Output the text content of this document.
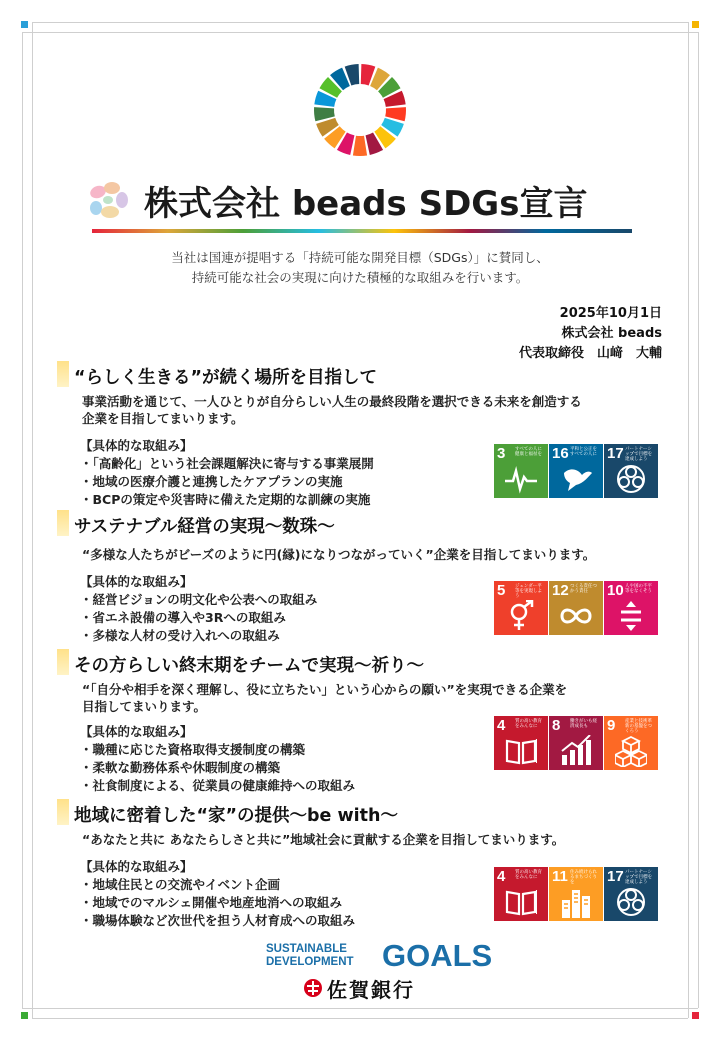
株式会社 beads SDGs宣言
当社は国連が提唱する「持続可能な開発目標（SDGs）」に賛同し、
持続可能な社会の実現に向けた積極的な取組みを行います。
2025年10月1日
株式会社 beads
代表取締役　山﨑　大輔
“らしく生きる”が続く場所を目指して
事業活動を通じて、一人ひとりが自分らしい人生の最終段階を選択できる未来を創造する
企業を目指してまいります。
【具体的な取組み】
・「高齢化」という社会課題解決に寄与する事業展開
・地域の医療介護と連携したケアプランの実施
・BCPの策定や災害時に備えた定期的な訓練の実施
サステナブル経営の実現～数珠～
“多様な人たちがビーズのように円(縁)になりつながっていく”企業を目指してまいります。
【具体的な取組み】
・経営ビジョンの明文化や公表への取組み
・省エネ設備の導入や3Rへの取組み
・多様な人材の受け入れへの取組み
その方らしい終末期をチームで実現～祈り～
“「自分や相手を深く理解し、役に立ちたい」という心からの願い”を実現できる企業を
目指してまいります。
【具体的な取組み】
・職種に応じた資格取得支援制度の構築
・柔軟な勤務体系や休暇制度の構築
・社食制度による、従業員の健康維持への取組み
地域に密着した“家”の提供～be with～
“あなたと共に あなたらしさと共に”地域社会に貢献する企業を目指してまいります。
【具体的な取組み】
・地域住民との交流やイベント企画
・地域でのマルシェ開催や地産地消への取組み
・職場体験など次世代を担う人材育成への取組み
3 すべての人に健康と福祉を 16 平和と公正をすべての人に 17 パートナーシップで目標を達成しよう
5 ジェンダー平等を実現しよう	12 つくる責任つかう責任	10 人や国の不平等をなくそう
4 質の高い教育をみんなに 8 働きがいも経済成長も	9 産業と技術革新の基盤をつくろう
4 質の高い教育をみんなに 11 住み続けられるまちづくりを	17 パートナーシップで目標を達成しよう
SUSTAINABLE
DEVELOPMENT GOALS
佐賀銀行
